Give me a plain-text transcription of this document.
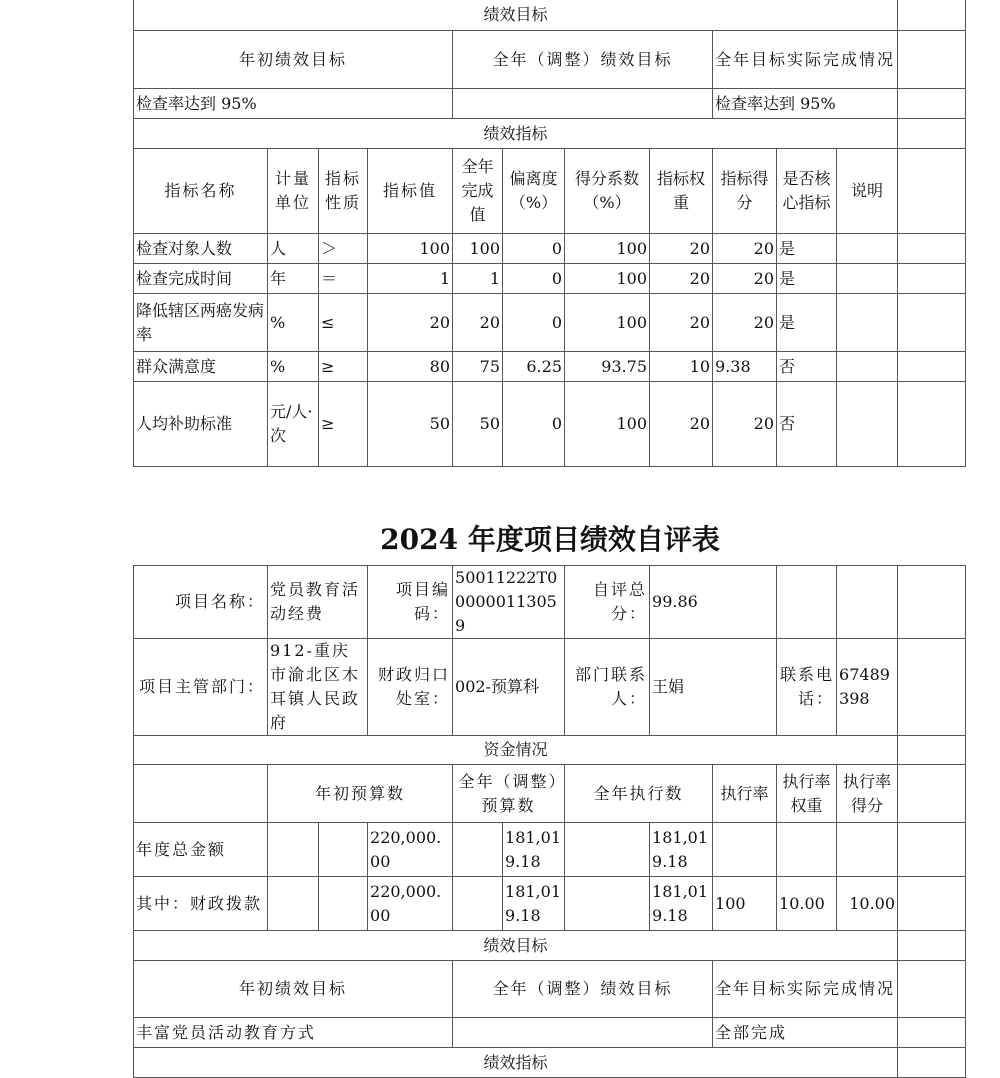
绩效目标											
年初绩效目标				全年（调整）绩效目标				全年目标实际完成情况			
检查率达到 95%								检查率达到 95%			
绩效指标											
指标名称	计量单位	指标性质	指标值	全年完成值	偏离度（%）	得分系数（%）	指标权重	指标得分	是否核心指标	说明	
检查对象人数	人	＞	100	100	0	100	20	20	是		
检查完成时间	年	＝	1	1	0	100	20	20	是		
降低辖区两癌发病率	%	≤	20	20	0	100	20	20	是		
群众满意度	%	≥	80	75	6.25	93.75	10	9.38	否		
人均补助标准	元/人·次	≥	50	50	0	100	20	20	否		
2024 年度项目绩效自评表
项目名称：	党员教育活动经费		项目编码：	50011222T000000113059		自评总分：	99.86				
项目主管部门：	912-重庆市渝北区木耳镇人民政府		财政归口处室：	002-预算科		部门联系人：	王娟		联系电话：	67489398	
资金情况											
	年初预算数			全年（调整）预算数		全年执行数		执行率	执行率权重	执行率得分	
年度总金额			220,000.00		181,019.18		181,019.18				
其中：财政拨款			220,000.00		181,019.18		181,019.18	100	10.00	10.00	
绩效目标											
年初绩效目标				全年（调整）绩效目标				全年目标实际完成情况			
丰富党员活动教育方式								全部完成			
绩效指标											
